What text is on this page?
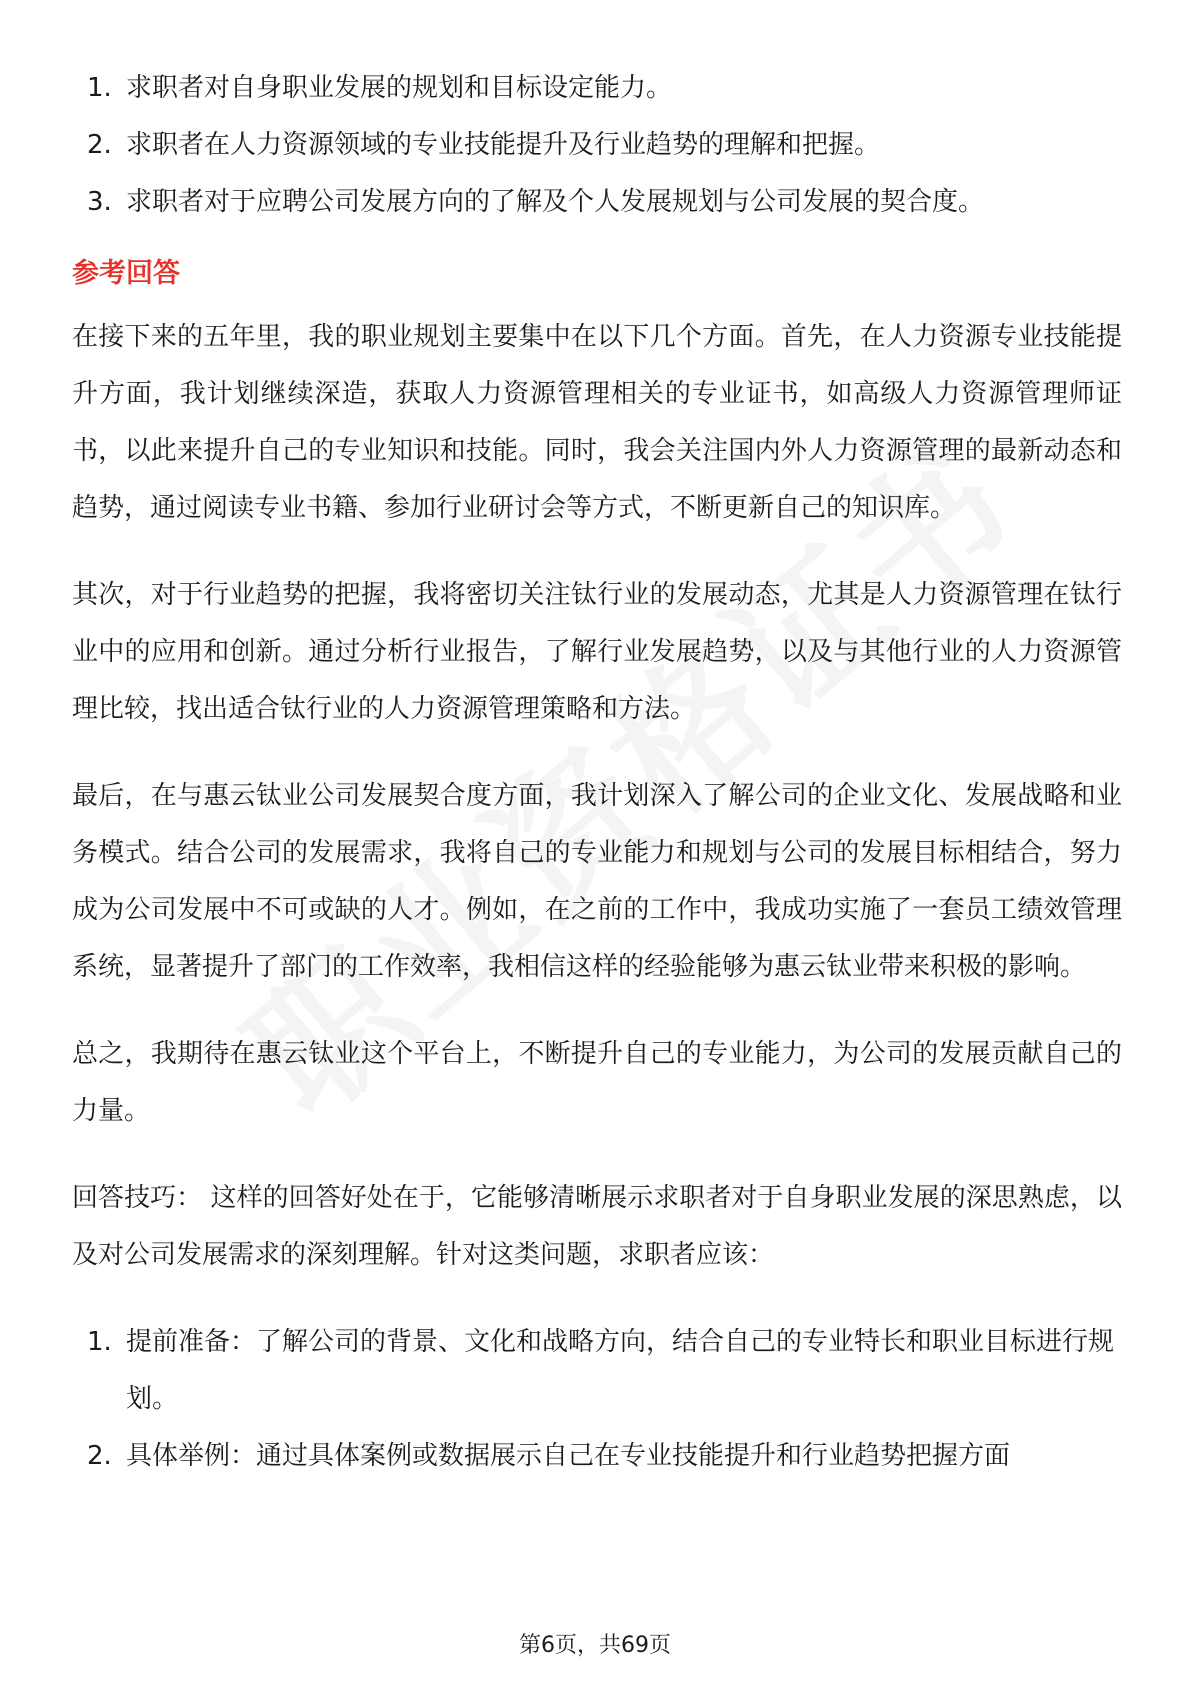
1. 求职者对自身职业发展的规划和目标设定能力。
2. 求职者在人力资源领域的专业技能提升及行业趋势的理解和把握。
3. 求职者对于应聘公司发展方向的了解及个人发展规划与公司发展的契合度。
参考回答

在接下来的五年里，我的职业规划主要集中在以下几个方面。首先，在人力资源专业技能提升方面，我计划继续深造，获取人力资源管理相关的专业证书，如高级人力资源管理师证书，以此来提升自己的专业知识和技能。同时，我会关注国内外人力资源管理的最新动态和趋势，通过阅读专业书籍、参加行业研讨会等方式，不断更新自己的知识库。

其次，对于行业趋势的把握，我将密切关注钛行业的发展动态，尤其是人力资源管理在钛行业中的应用和创新。通过分析行业报告，了解行业发展趋势，以及与其他行业的人力资源管理比较，找出适合钛行业的人力资源管理策略和方法。

最后，在与惠云钛业公司发展契合度方面，我计划深入了解公司的企业文化、发展战略和业务模式。结合公司的发展需求，我将自己的专业能力和规划与公司的发展目标相结合，努力成为公司发展中不可或缺的人才。例如，在之前的工作中，我成功实施了一套员工绩效管理系统，显著提升了部门的工作效率，我相信这样的经验能够为惠云钛业带来积极的影响。

总之，我期待在惠云钛业这个平台上，不断提升自己的专业能力，为公司的发展贡献自己的力量。

回答技巧： 这样的回答好处在于，它能够清晰展示求职者对于自身职业发展的深思熟虑，以及对公司发展需求的深刻理解。针对这类问题，求职者应该：

1. 提前准备：了解公司的背景、文化和战略方向，结合自己的专业特长和职业目标进行规划。
2. 具体举例：通过具体案例或数据展示自己在专业技能提升和行业趋势把握方面
第6页，共69页
